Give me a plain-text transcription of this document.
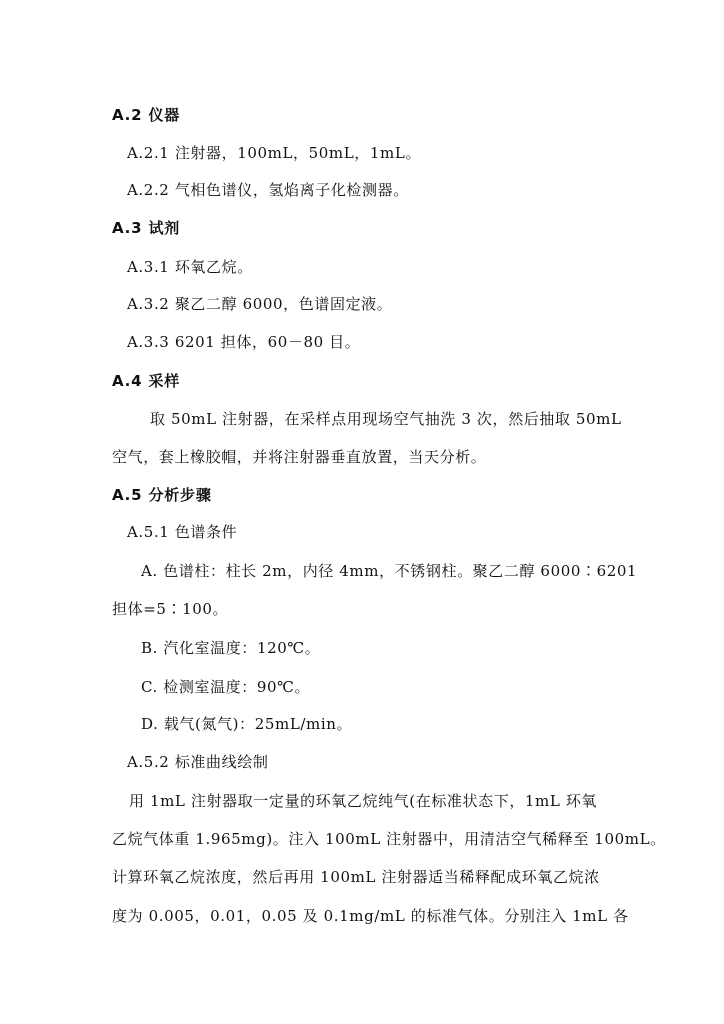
A.2 仪器
A.2.1 注射器，100mL，50mL，1mL。
A.2.2 气相色谱仪，氢焰离子化检测器。
A.3 试剂
A.3.1 环氧乙烷。
A.3.2 聚乙二醇 6000，色谱固定液。
A.3.3 6201 担体，60－80 目。
A.4 采样
取 50mL 注射器，在采样点用现场空气抽洗 3 次，然后抽取 50mL
空气，套上橡胶帽，并将注射器垂直放置，当天分析。
A.5 分析步骤
A.5.1 色谱条件
A. 色谱柱：柱长 2m，内径 4mm，不锈钢柱。聚乙二醇 6000∶6201
担体=5∶100。
B. 汽化室温度：120℃。
C. 检测室温度：90℃。
D. 载气(氮气)：25mL/min。
A.5.2 标准曲线绘制
用 1mL 注射器取一定量的环氧乙烷纯气(在标准状态下，1mL 环氧
乙烷气体重 1.965mg)。注入 100mL 注射器中，用清洁空气稀释至 100mL。
计算环氧乙烷浓度，然后再用 100mL 注射器适当稀释配成环氧乙烷浓
度为 0.005，0.01，0.05 及 0.1mg/mL 的标准气体。分别注入 1mL 各
